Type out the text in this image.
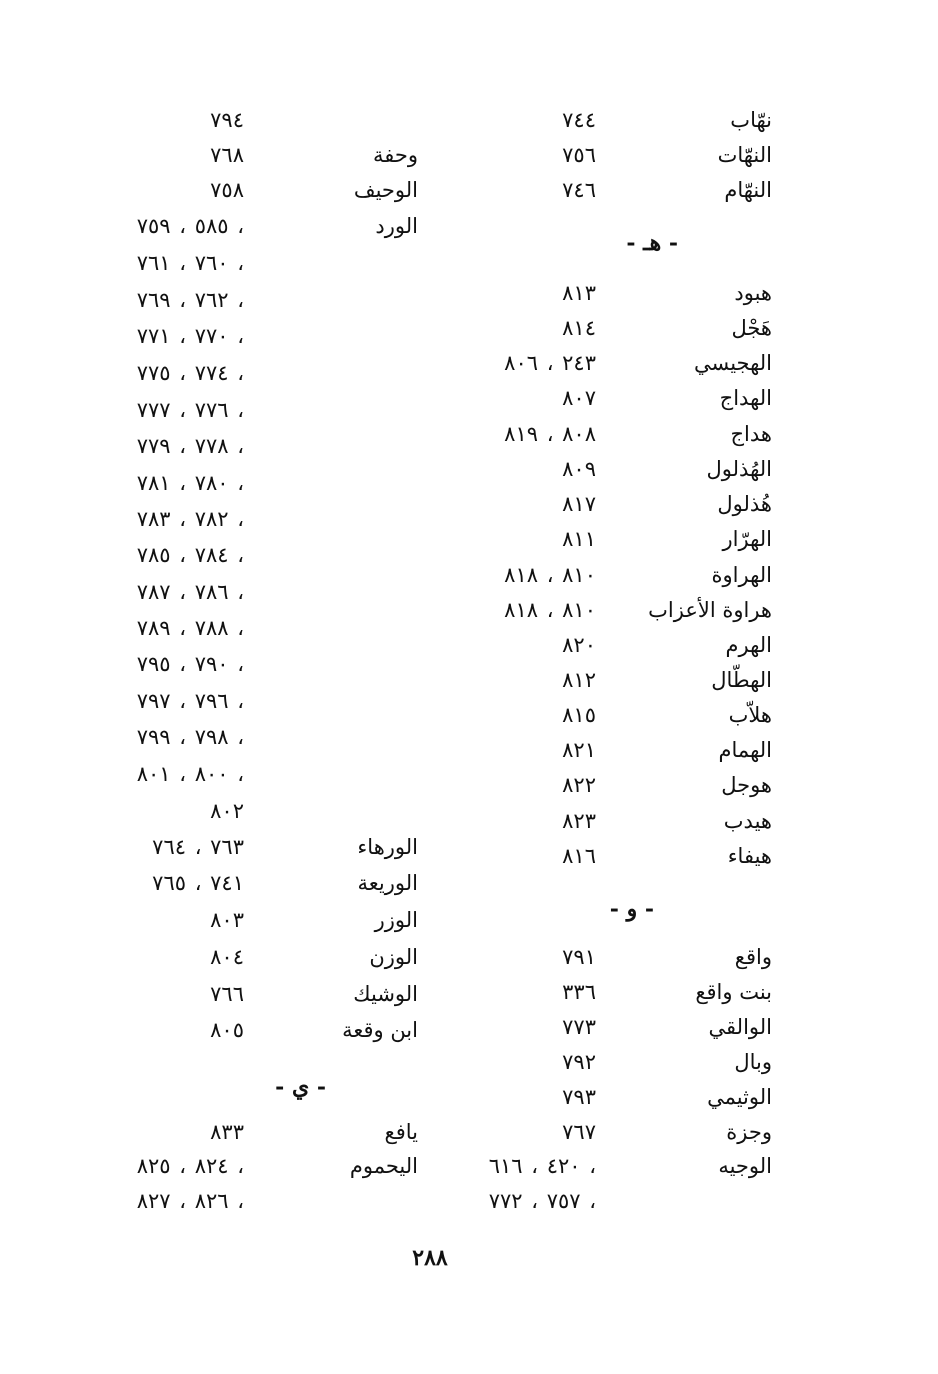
نهّاب
٧٤٤
النهّات
٧٥٦
النهّام
٧٤٦
- هـ -
هبود
٨١٣
هَجْل
٨١٤
الهجيسي
٢٤٣ ، ٨٠٦
الهداج
٨٠٧
هداج
٨٠٨ ، ٨١٩
الهُذلول
٨٠٩
هُذلول
٨١٧
الهرّار
٨١١
الهراوة
٨١٠ ، ٨١٨
هراوة الأعزاب
٨١٠ ، ٨١٨
الهرم
٨٢٠
الهطّال
٨١٢
هلاّب
٨١٥
الهمام
٨٢١
هوجل
٨٢٢
هيدب
٨٢٣
هيفاء
٨١٦
- و -
واقع
٧٩١
بنت واقع
٣٣٦
الوالقي
٧٧٣
وبال
٧٩٢
الوثيمي
٧٩٣
وجزة
٧٦٧
الوجيه
٤٢٠ ، ٦١٦ ،
٧٥٧ ، ٧٧٢ ،
٧٩٤
وحفة
٧٦٨
الوحيف
٧٥٨
الورد
٥٨٥ ، ٧٥٩ ،
٧٦٠ ، ٧٦١ ،
٧٦٢ ، ٧٦٩ ،
٧٧٠ ، ٧٧١ ،
٧٧٤ ، ٧٧٥ ،
٧٧٦ ، ٧٧٧ ،
٧٧٨ ، ٧٧٩ ،
٧٨٠ ، ٧٨١ ،
٧٨٢ ، ٧٨٣ ،
٧٨٤ ، ٧٨٥ ،
٧٨٦ ، ٧٨٧ ،
٧٨٨ ، ٧٨٩ ،
٧٩٠ ، ٧٩٥ ،
٧٩٦ ، ٧٩٧ ،
٧٩٨ ، ٧٩٩ ،
٨٠٠ ، ٨٠١ ،
٨٠٢
الورهاء
٧٦٣ ، ٧٦٤
الوريعة
٧٤١ ، ٧٦٥
الوزر
٨٠٣
الوزن
٨٠٤
الوشيك
٧٦٦
ابن وقعة
٨٠٥
- ي -
يافع
٨٣٣
اليحموم
٨٢٤ ، ٨٢٥ ،
٨٢٦ ، ٨٢٧ ،
٢٨٨
